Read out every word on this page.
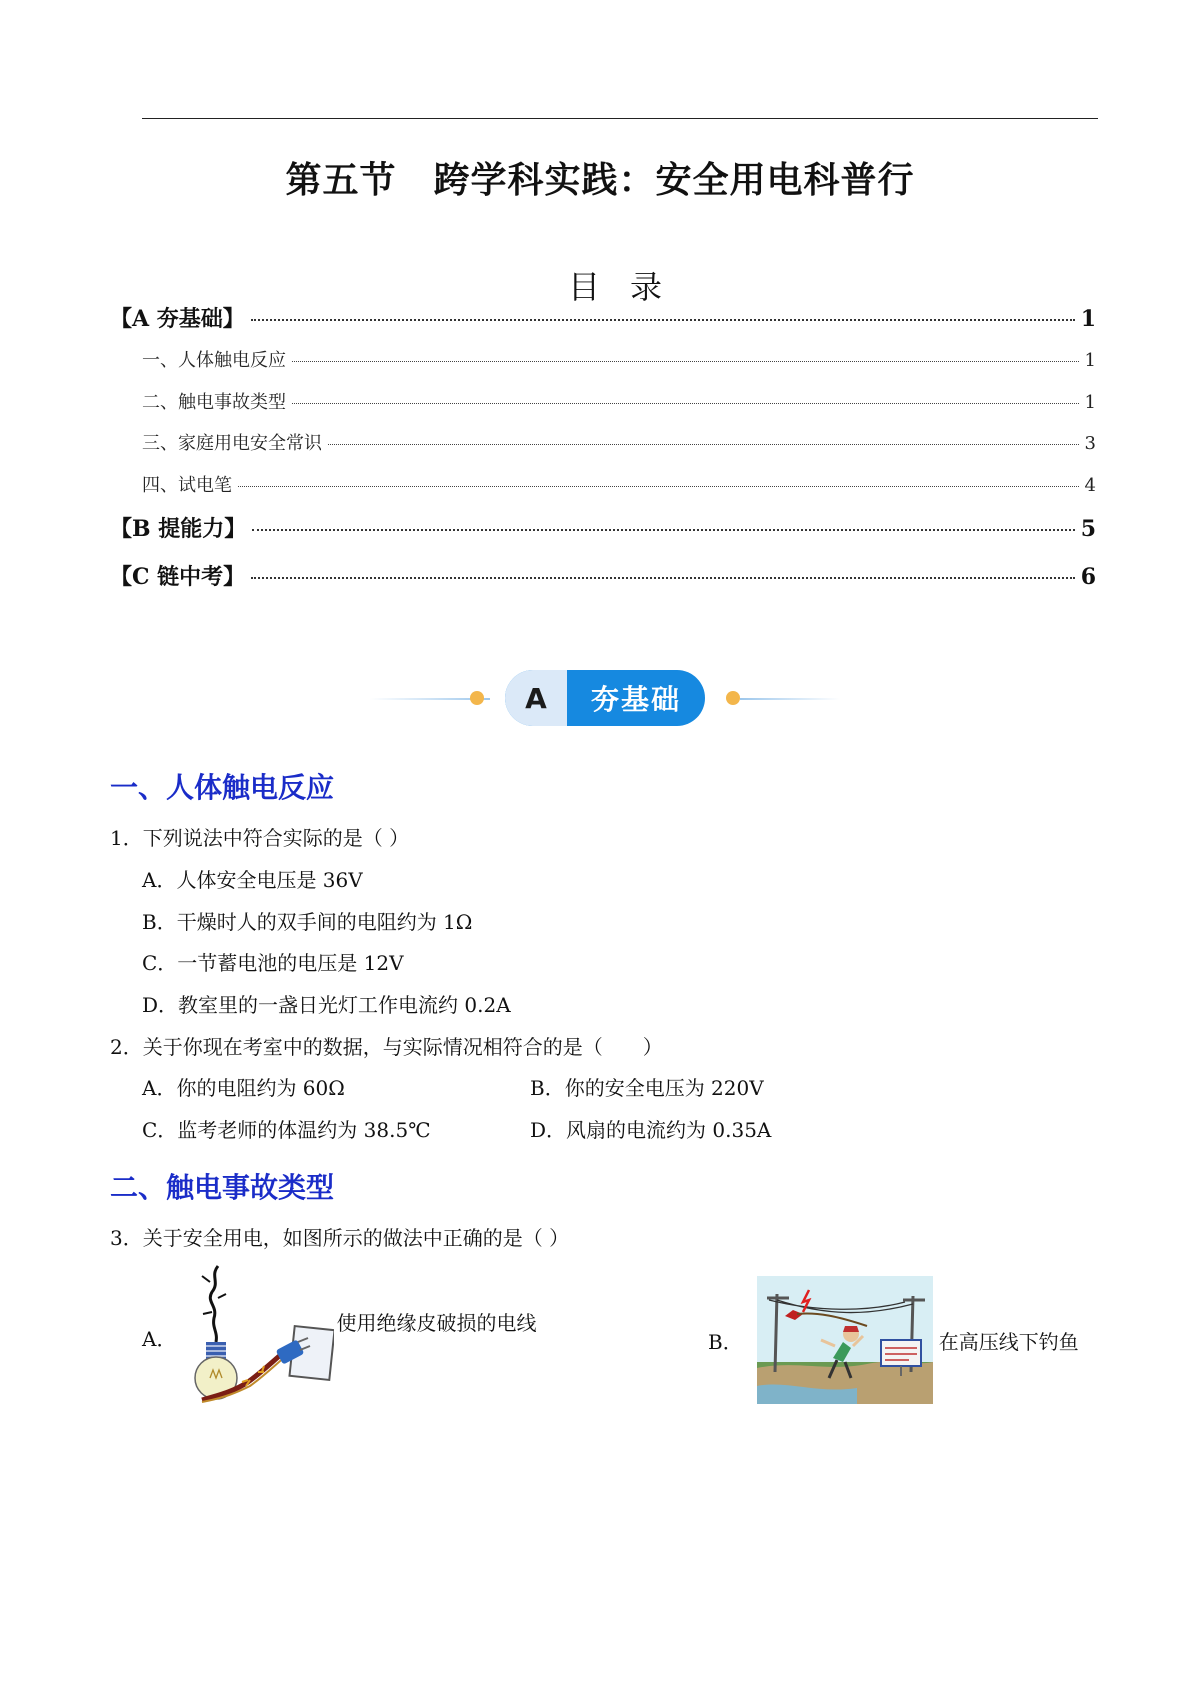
第五节　跨学科实践：安全用电科普行
目录
【A 夯基础】	1
一、人体触电反应	1
二、触电事故类型	1
三、家庭用电安全常识	3
四、试电笔	4
【B 提能力】	5
【C 链中考】	6
A	夯基础
一、人体触电反应
1．下列说法中符合实际的是（ ）
A．人体安全电压是 36V
B．干燥时人的双手间的电阻约为 1Ω
C．一节蓄电池的电压是 12V
D．教室里的一盏日光灯工作电流约 0.2A
2．关于你现在考室中的数据，与实际情况相符合的是（　　）
A．你的电阻约为 60Ω	B．你的安全电压为 220V
C．监考老师的体温约为 38.5℃	D．风扇的电流约为 0.35A
二、触电事故类型
3．关于安全用电，如图所示的做法中正确的是（ ）
A．
使用绝缘皮破损的电线
B．	在高压线下钓鱼
